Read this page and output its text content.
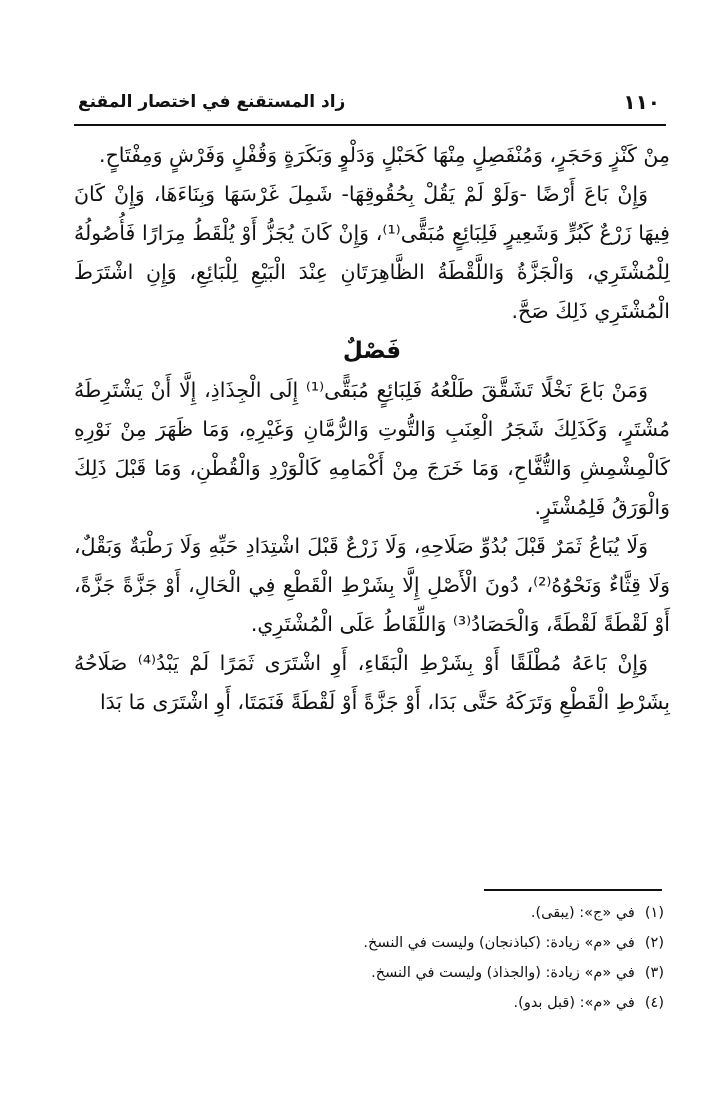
١١٠
زاد المستقنع في اختصار المقنع

مِنْ كَنْزٍ وَحَجَرٍ، وَمُنْفَصِلٍ مِنْهَا كَحَبْلٍ وَدَلْوٍ وَبَكَرَةٍ وَقُفْلٍ وَفَرْشٍ وَمِفْتَاحٍ.

وَإِنْ بَاعَ أَرْضًا -وَلَوْ لَمْ يَقُلْ بِحُقُوقِهَا- شَمِلَ غَرْسَهَا وَبِنَاءَهَا، وَإِنْ كَانَ فِيهَا زَرْعٌ كَبُرٍّ وَشَعِيرٍ فَلِبَائِعٍ مُبَقًّى⁽¹⁾، وَإِنْ كَانَ يُجَزُّ أَوْ يُلْقَطُ مِرَارًا فَأُصُولُهُ لِلْمُشْتَرِي، وَالْجَزَّةُ وَاللَّقْطَةُ الظَّاهِرَتَانِ عِنْدَ الْبَيْعِ لِلْبَائِعِ، وَإِنِ اشْتَرَطَ الْمُشْتَرِي ذَلِكَ صَحَّ.

فَصْلٌ

وَمَنْ بَاعَ نَخْلًا تَشَقَّقَ طَلْعُهُ فَلِبَائِعٍ مُبَقًّى⁽¹⁾ إِلَى الْجِذَاذِ، إِلَّا أَنْ يَشْتَرِطَهُ مُشْتَرٍ، وَكَذَلِكَ شَجَرُ الْعِنَبِ وَالتُّوتِ وَالرُّمَّانِ وَغَيْرِهِ، وَمَا ظَهَرَ مِنْ نَوْرِهِ كَالْمِشْمِشِ وَالتُّفَّاحِ، وَمَا خَرَجَ مِنْ أَكْمَامِهِ كَالْوَرْدِ وَالْقُطْنِ، وَمَا قَبْلَ ذَلِكَ وَالْوَرَقُ فَلِمُشْتَرٍ.

وَلَا يُبَاعُ ثَمَرٌ قَبْلَ بُدُوِّ صَلَاحِهِ، وَلَا زَرْعٌ قَبْلَ اشْتِدَادِ حَبِّهِ وَلَا رَطْبَةٌ وَبَقْلٌ، وَلَا قِثَّاءٌ وَنَحْوُهُ⁽²⁾، دُونَ الْأَصْلِ إِلَّا بِشَرْطِ الْقَطْعِ فِي الْحَالِ، أَوْ جَزَّةً جَزَّةً، أَوْ لَقْطَةً لَقْطَةً، وَالْحَصَادُ⁽³⁾ وَاللِّقَاطُ عَلَى الْمُشْتَرِي.

وَإِنْ بَاعَهُ مُطْلَقًا أَوْ بِشَرْطِ الْبَقَاءِ، أَوِ اشْتَرَى ثَمَرًا لَمْ يَبْدُ⁽⁴⁾ صَلَاحُهُ بِشَرْطِ الْقَطْعِ وَتَرَكَهُ حَتَّى بَدَا، أَوْ جَزَّةً أَوْ لَقْطَةً فَنَمَتَا، أَوِ اشْتَرَى مَا بَدَا

(١)في «ج»: (يبقى).
(٢)في «م» زيادة: (كباذنجان) وليست في النسخ.
(٣)في «م» زيادة: (والجذاذ) وليست في النسخ.
(٤)في «م»: (قبل بدو).
